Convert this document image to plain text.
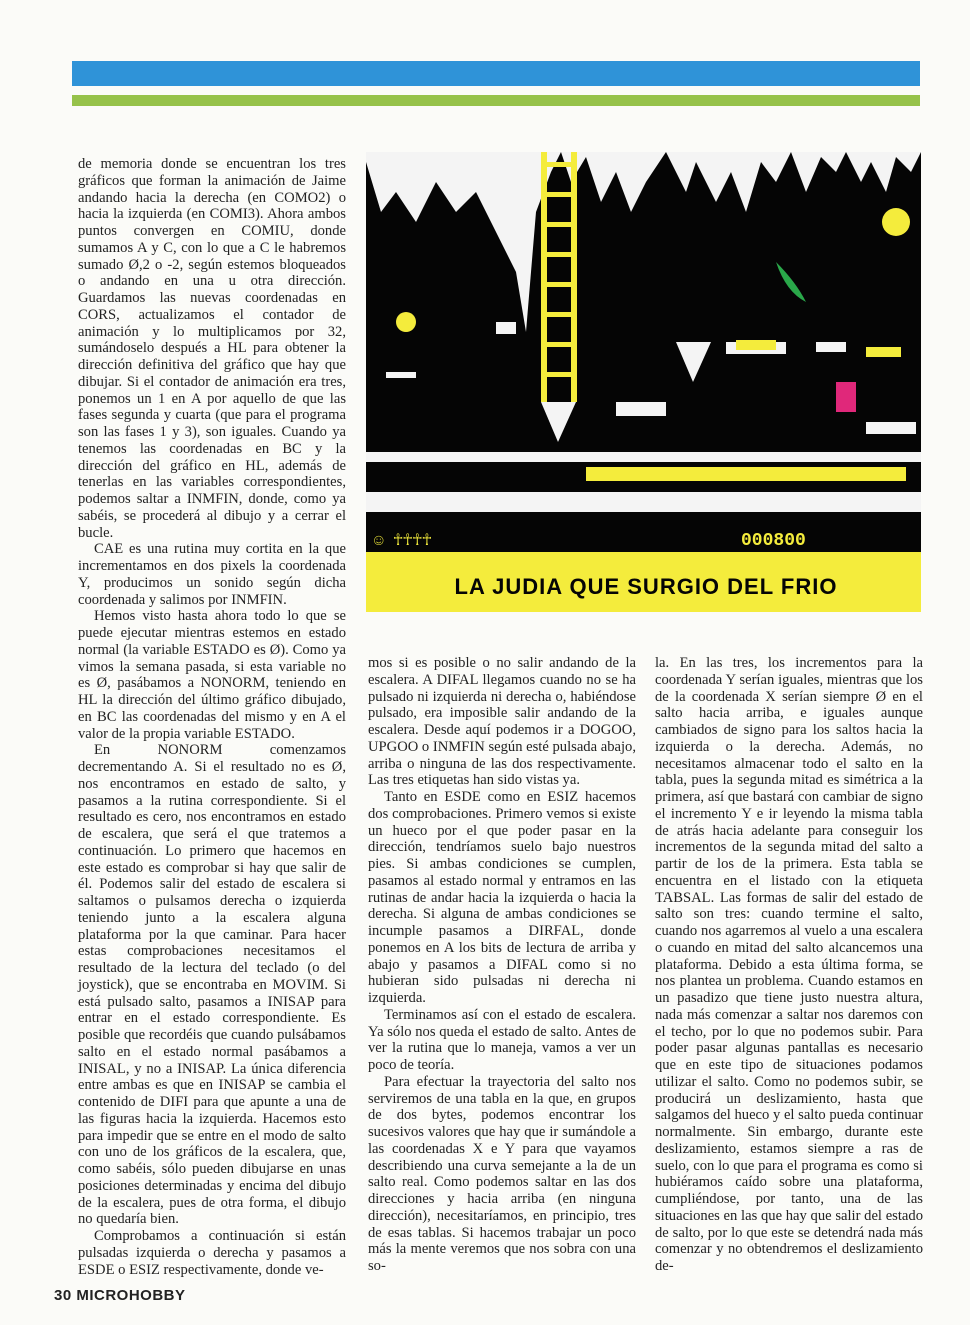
de memoria donde se encuentran los tres gráficos que forman la animación de Jaime andando hacia la derecha (en COMO2) o hacia la izquierda (en COMI3). Ahora ambos puntos convergen en COMIU, donde sumamos A y C, con lo que a C le habremos sumado Ø,2 o -2, según estemos bloqueados o andando en una u otra dirección. Guardamos las nuevas coordenadas en CORS, actualizamos el contador de animación y lo multiplicamos por 32, sumándoselo después a HL para obtener la dirección definitiva del gráfico que hay que dibujar. Si el contador de animación era tres, ponemos un 1 en A por aquello de que las fases segunda y cuarta (que para el programa son las fases 1 y 3), son iguales. Cuando ya tenemos las coordenadas en BC y la dirección del gráfico en HL, además de tenerlas en las variables correspondientes, podemos saltar a INMFIN, donde, como ya sabéis, se procederá al dibujo y a cerrar el bucle.

CAE es una rutina muy cortita en la que incrementamos en dos pixels la coordenada Y, producimos un sonido según dicha coordenada y salimos por INMFIN.

Hemos visto hasta ahora todo lo que se puede ejecutar mientras estemos en estado normal (la variable ESTADO es Ø). Como ya vimos la semana pasada, si esta variable no es Ø, pasábamos a NONORM, teniendo en HL la dirección del último gráfico dibujado, en BC las coordenadas del mismo y en A el valor de la propia variable ESTADO.

En NONORM comenzamos decrementando A. Si el resultado no es Ø, nos encontramos en estado de salto, y pasamos a la rutina correspondiente. Si el resultado es cero, nos encontramos en estado de escalera, que será el que tratemos a continuación. Lo primero que hacemos en este estado es comprobar si hay que salir de él. Podemos salir del estado de escalera si saltamos o pulsamos derecha o izquierda teniendo junto a la escalera alguna plataforma por la que caminar. Para hacer estas comprobaciones necesitamos el resultado de la lectura del teclado (o del joystick), que se encontraba en MOVIM. Si está pulsado salto, pasamos a INISAP para entrar en el estado correspondiente. Es posible que recordéis que cuando pulsábamos salto en el estado normal pasábamos a INISAL, y no a INISAP. La única diferencia entre ambas es que en INISAP se cambia el contenido de DIFI para que apunte a una de las figuras hacia la izquierda. Hacemos esto para impedir que se entre en el modo de salto con uno de los gráficos de la escalera, que, como sabéis, sólo pueden dibujarse en unas posiciones determinadas y encima del dibujo de la escalera, pues de otra forma, el dibujo no quedaría bien.

Comprobamos a continuación si están pulsadas izquierda o derecha y pasamos a ESDE o ESIZ respectivamente, donde ve-

☺ ☥☥☥☥	000800
LA JUDIA QUE SURGIO DEL FRIO

mos si es posible o no salir andando de la escalera. A DIFAL llegamos cuando no se ha pulsado ni izquierda ni derecha o, habiéndose pulsado, era imposible salir andando de la escalera. Desde aquí podemos ir a DOGOO, UPGOO o INMFIN según esté pulsada abajo, arriba o ninguna de las dos respectivamente. Las tres etiquetas han sido vistas ya.

Tanto en ESDE como en ESIZ hacemos dos comprobaciones. Primero vemos si existe un hueco por el que poder pasar en la dirección, tendríamos suelo bajo nuestros pies. Si ambas condiciones se cumplen, pasamos al estado normal y entramos en las rutinas de andar hacia la izquierda o hacia la derecha. Si alguna de ambas condiciones se incumple pasamos a DIRFAL, donde ponemos en A los bits de lectura de arriba y abajo y pasamos a DIFAL como si no hubieran sido pulsadas ni derecha ni izquierda.

Terminamos así con el estado de escalera. Ya sólo nos queda el estado de salto. Antes de ver la rutina que lo maneja, vamos a ver un poco de teoría.

Para efectuar la trayectoria del salto nos serviremos de una tabla en la que, en grupos de dos bytes, podemos encontrar los sucesivos valores que hay que ir sumándole a las coordenadas X e Y para que vayamos describiendo una curva semejante a la de un salto real. Como podemos saltar en las dos direcciones y hacia arriba (en ninguna dirección), necesitaríamos, en principio, tres de esas tablas. Si hacemos trabajar un poco más la mente veremos que nos sobra con una so-

la. En las tres, los incrementos para la coordenada Y serían iguales, mientras que los de la coordenada X serían siempre Ø en el salto hacia arriba, e iguales aunque cambiados de signo para los saltos hacia la izquierda o la derecha. Además, no necesitamos almacenar todo el salto en la tabla, pues la segunda mitad es simétrica a la primera, así que bastará con cambiar de signo el incremento Y e ir leyendo la misma tabla de atrás hacia adelante para conseguir los incrementos de la segunda mitad del salto a partir de los de la primera. Esta tabla se encuentra en el listado con la etiqueta TABSAL. Las formas de salir del estado de salto son tres: cuando termine el salto, cuando nos agarremos al vuelo a una escalera o cuando en mitad del salto alcancemos una plataforma. Debido a esta última forma, se nos plantea un problema. Cuando estamos en un pasadizo que tiene justo nuestra altura, nada más comenzar a saltar nos daremos con el techo, por lo que no podemos subir. Para poder pasar algunas pantallas es necesario que en este tipo de situaciones podamos utilizar el salto. Como no podemos subir, se producirá un deslizamiento, hasta que salgamos del hueco y el salto pueda continuar normalmente. Sin embargo, durante este deslizamiento, estamos siempre a ras de suelo, con lo que para el programa es como si hubiéramos caído sobre una plataforma, cumpliéndose, por tanto, una de las situaciones en las que hay que salir del estado de salto, por lo que este se detendrá nada más comenzar y no obtendremos el deslizamiento de-

30 MICROHOBBY
